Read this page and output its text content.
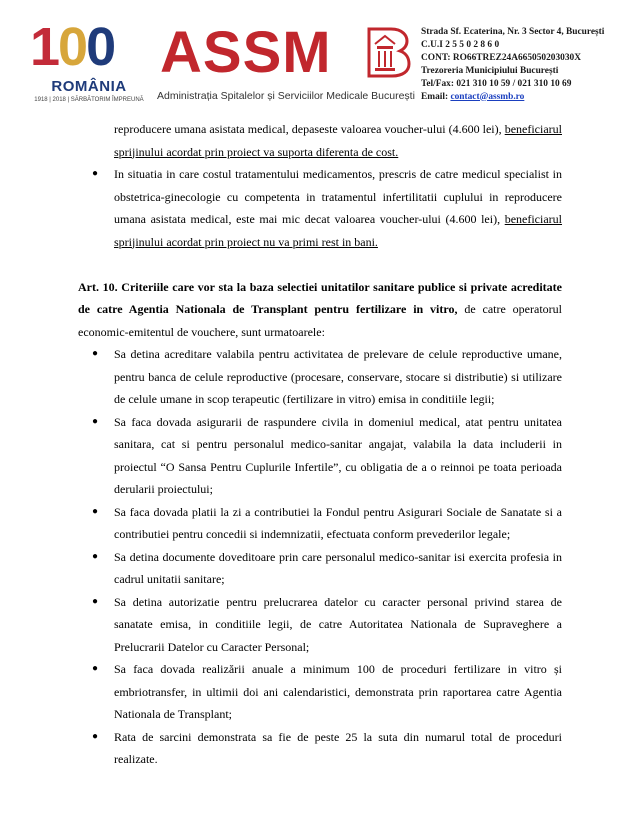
100
ROMÂNIA
1918 | 2018 | SĂRBĂTORIM ÎMPREUNĂ
ASSM
Administrația Spitalelor și Serviciilor Medicale București
Strada Sf. Ecaterina, Nr. 3 Sector 4, București
C.U.I 2 5 5 0 2 8 6 0
CONT: RO66TREZ24A665050203030X
Trezoreria Municipiului București
Tel/Fax: 021 310 10 59 / 021 310 10 69
Email: contact@assmb.ro

reproducere umana asistata medical, depaseste valoarea voucher-ului (4.600 lei), beneficiarul sprijinului acordat prin proiect va suporta diferenta de cost.

● In situatia in care costul tratamentului medicamentos, prescris de catre medicul specialist in obstetrica-ginecologie cu competenta in tratamentul infertilitatii cuplului in reproducere umana asistata medical, este mai mic decat valoarea voucher-ului (4.600 lei), beneficiarul sprijinului acordat prin proiect nu va primi rest in bani.

Art. 10. Criteriile care vor sta la baza selectiei unitatilor sanitare publice si private acreditate de catre Agentia Nationala de Transplant pentru fertilizare in vitro, de catre operatorul economic-emitentul de vouchere, sunt urmatoarele:

● Sa detina acreditare valabila pentru activitatea de prelevare de celule reproductive umane, pentru banca de celule reproductive (procesare, conservare, stocare si distributie) si utilizare de celule umane in scop terapeutic (fertilizare in vitro) emisa in conditiile legii;
● Sa faca dovada asigurarii de raspundere civila in domeniul medical, atat pentru unitatea sanitara, cat si pentru personalul medico-sanitar angajat, valabila la data includerii in proiectul “O Sansa Pentru Cuplurile Infertile”, cu obligatia de a o reinnoi pe toata perioada derularii proiectului;
● Sa faca dovada platii la zi a contributiei la Fondul pentru Asigurari Sociale de Sanatate si a contributiei pentru concedii si indemnizatii, efectuata conform prevederilor legale;
● Sa detina documente doveditoare prin care personalul medico-sanitar isi exercita profesia in cadrul unitatii sanitare;
● Sa detina autorizatie pentru prelucrarea datelor cu caracter personal privind starea de sanatate emisa, in conditiile legii, de catre Autoritatea Nationala de Supraveghere a Prelucrarii Datelor cu Caracter Personal;
● Sa faca dovada realizării anuale a minimum 100 de proceduri fertilizare in vitro și embriotransfer, in ultimii doi ani calendaristici, demonstrata prin raportarea catre Agentia Nationala de Transplant;
● Rata de sarcini demonstrata sa fie de peste 25 la suta din numarul total de proceduri realizate.
